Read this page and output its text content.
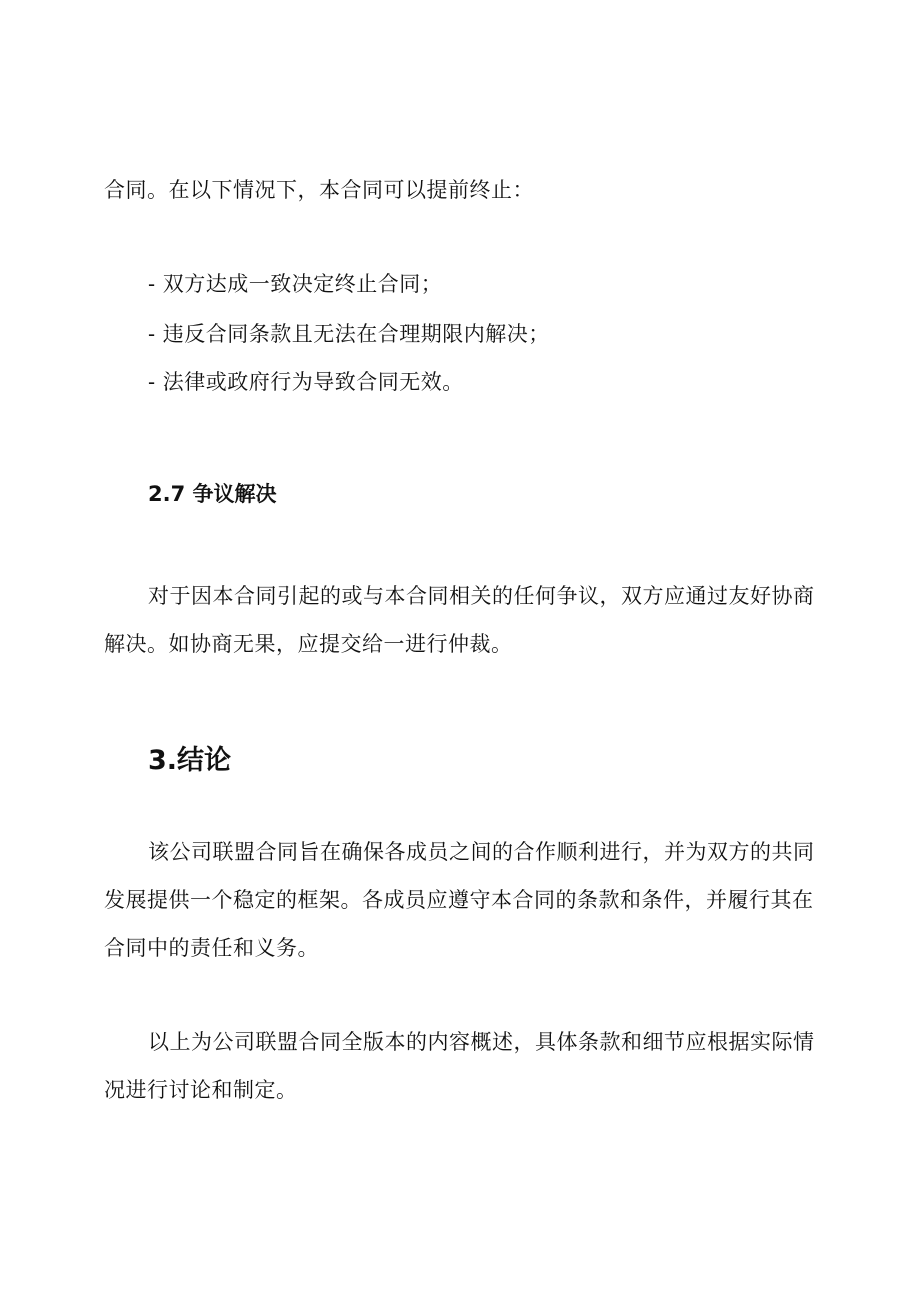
合同。在以下情况下，本合同可以提前终止：
- 双方达成一致决定终止合同；
- 违反合同条款且无法在合理期限内解决；
- 法律或政府行为导致合同无效。
2.7 争议解决
对于因本合同引起的或与本合同相关的任何争议，双方应通过友好协商
解决。如协商无果，应提交给一进行仲裁。
3.结论
该公司联盟合同旨在确保各成员之间的合作顺利进行，并为双方的共同
发展提供一个稳定的框架。各成员应遵守本合同的条款和条件，并履行其在
合同中的责任和义务。
以上为公司联盟合同全版本的内容概述，具体条款和细节应根据实际情
况进行讨论和制定。
